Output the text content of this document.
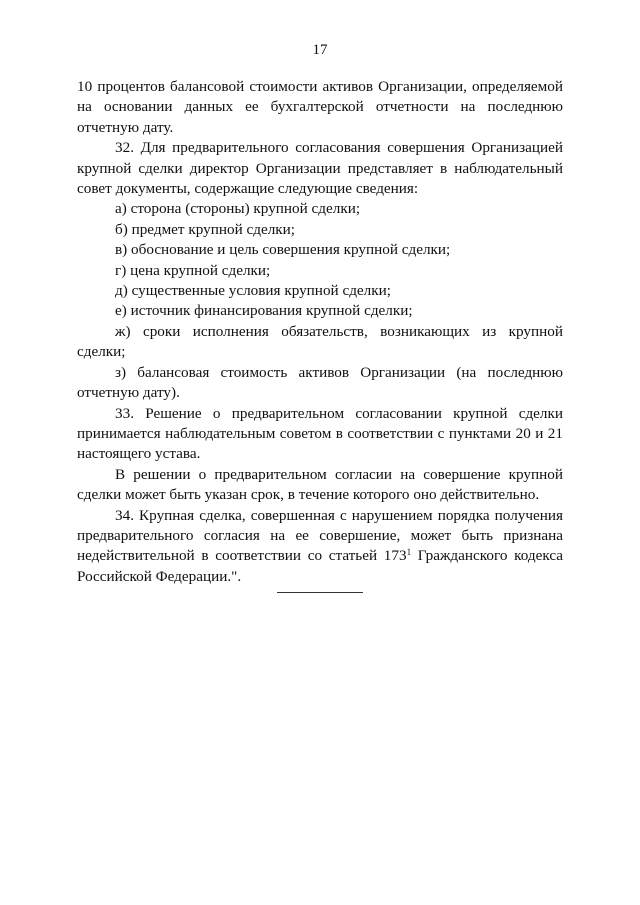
17

10 процентов балансовой стоимости активов Организации, определяемой на основании данных ее бухгалтерской отчетности на последнюю отчетную дату.

32. Для предварительного согласования совершения Организацией крупной сделки директор Организации представляет в наблюдательный совет документы, содержащие следующие сведения:

а) сторона (стороны) крупной сделки;

б) предмет крупной сделки;

в) обоснование и цель совершения крупной сделки;

г) цена крупной сделки;

д) существенные условия крупной сделки;

е) источник финансирования крупной сделки;

ж) сроки исполнения обязательств, возникающих из крупной сделки;

з) балансовая стоимость активов Организации (на последнюю отчетную дату).

33. Решение о предварительном согласовании крупной сделки принимается наблюдательным советом в соответствии с пунктами 20 и 21 настоящего устава.

В решении о предварительном согласии на совершение крупной сделки может быть указан срок, в течение которого оно действительно.

34. Крупная сделка, совершенная с нарушением порядка получения предварительного согласия на ее совершение, может быть признана недействительной в соответствии со статьей $173^1$ Гражданского кодекса Российской Федерации.".
